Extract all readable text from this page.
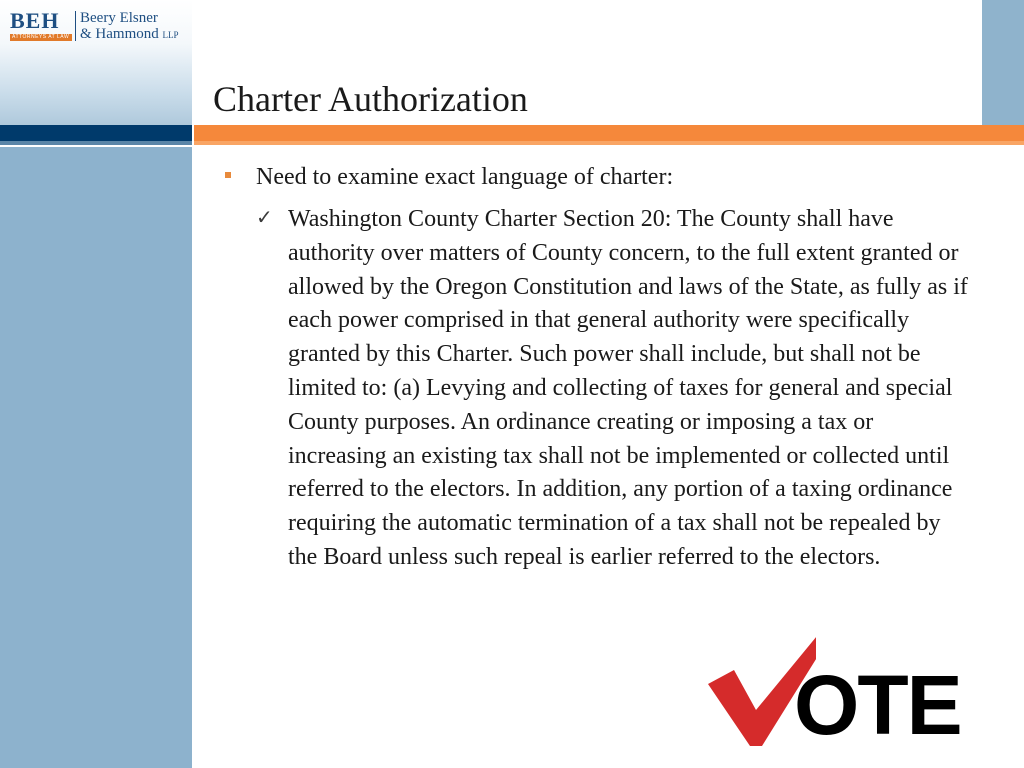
BEH
ATTORNEYS AT LAW
Beery Elsner
& Hammond LLP
Charter Authorization
Need to examine exact language of charter:
✓ Washington County Charter Section 20: The County shall have authority over matters of County concern, to the full extent granted or allowed by the Oregon Constitution and laws of the State, as fully as if each power comprised in that general authority were specifically granted by this Charter. Such power shall include, but shall not be limited to: (a) Levying and collecting of taxes for general and special County purposes. An ordinance creating or imposing a tax or increasing an existing tax shall not be implemented or collected until referred to the electors. In addition, any portion of a taxing ordinance requiring the automatic termination of a tax shall not be repealed by the Board unless such repeal is earlier referred to the electors.
OTE
